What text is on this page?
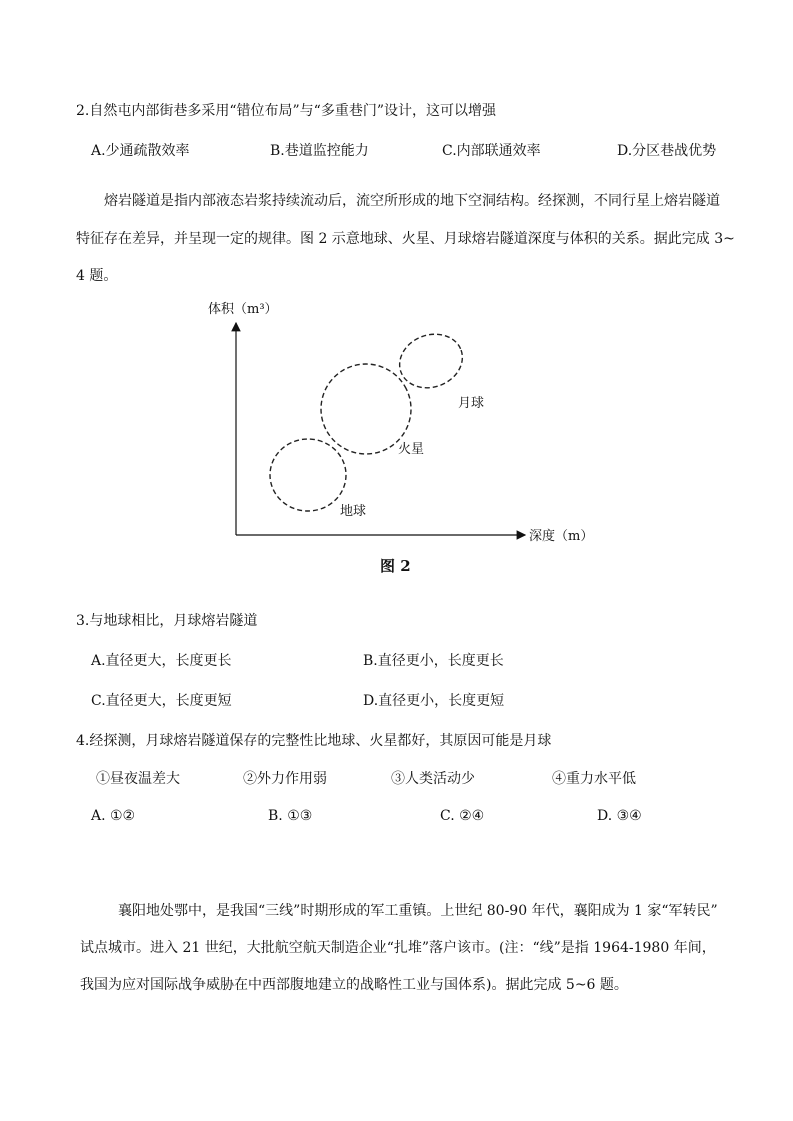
2.自然屯内部街巷多采用“错位布局”与“多重巷门”设计，这可以增强
A.少通疏散效率	B.巷道监控能力	C.内部联通效率	D.分区巷战优势
熔岩隧道是指内部液态岩浆持续流动后，流空所形成的地下空洞结构。经探测，不同行星上熔岩隧道
特征存在差异，并呈现一定的规律。图 2 示意地球、火星、月球熔岩隧道深度与体积的关系。据此完成 3~
4 题。
体积（m³）
深度（m）
月球
火星
地球
图 2
3.与地球相比，月球熔岩隧道
A.直径更大，长度更长	B.直径更小，长度更长
C.直径更大，长度更短	D.直径更小，长度更短
4.经探测，月球熔岩隧道保存的完整性比地球、火星都好，其原因可能是月球
①昼夜温差大	②外力作用弱	③人类活动少	④重力水平低
A. ①②	B. ①③	C. ②④	D. ③④
襄阳地处鄂中，是我国“三线”时期形成的军工重镇。上世纪 80-90 年代，襄阳成为 1 家“军转民”
试点城市。进入 21 世纪，大批航空航天制造企业“扎堆”落户该市。(注：“线”是指 1964-1980 年间，
我国为应对国际战争威胁在中西部腹地建立的战略性工业与国体系)。据此完成 5~6 题。
